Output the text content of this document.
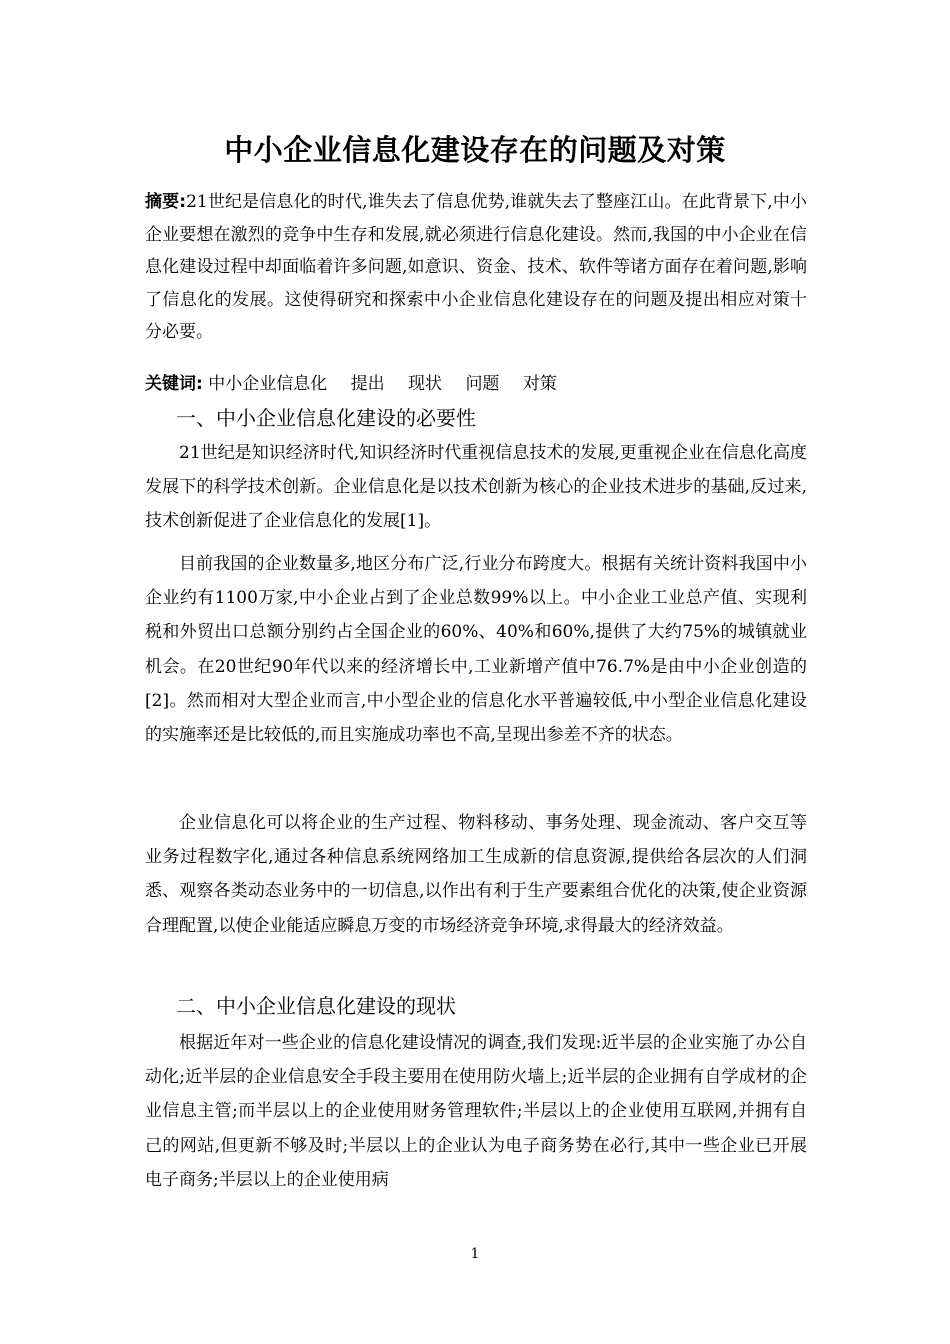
中小企业信息化建设存在的问题及对策
摘要:21世纪是信息化的时代,谁失去了信息优势,谁就失去了整座江山。在此背景下,中小企业要想在激烈的竞争中生存和发展,就必须进行信息化建设。然而,我国的中小企业在信息化建设过程中却面临着许多问题,如意识、资金、技术、软件等诸方面存在着问题,影响了信息化的发展。这使得研究和探索中小企业信息化建设存在的问题及提出相应对策十分必要。
关键词: 中小企业信息化 提出 现状 问题 对策
一、中小企业信息化建设的必要性
21世纪是知识经济时代,知识经济时代重视信息技术的发展,更重视企业在信息化高度发展下的科学技术创新。企业信息化是以技术创新为核心的企业技术进步的基础,反过来,技术创新促进了企业信息化的发展[1]。
目前我国的企业数量多,地区分布广泛,行业分布跨度大。根据有关统计资料我国中小企业约有1100万家,中小企业占到了企业总数99%以上。中小企业工业总产值、实现利税和外贸出口总额分别约占全国企业的60%、40%和60%,提供了大约75%的城镇就业机会。在20世纪90年代以来的经济增长中,工业新增产值中76.7%是由中小企业创造的[2]。然而相对大型企业而言,中小型企业的信息化水平普遍较低,中小型企业信息化建设的实施率还是比较低的,而且实施成功率也不高,呈现出参差不齐的状态。
企业信息化可以将企业的生产过程、物料移动、事务处理、现金流动、客户交互等业务过程数字化,通过各种信息系统网络加工生成新的信息资源,提供给各层次的人们洞悉、观察各类动态业务中的一切信息,以作出有利于生产要素组合优化的决策,使企业资源合理配置,以使企业能适应瞬息万变的市场经济竞争环境,求得最大的经济效益。
二、中小企业信息化建设的现状
根据近年对一些企业的信息化建设情况的调查,我们发现:近半层的企业实施了办公自动化;近半层的企业信息安全手段主要用在使用防火墙上;近半层的企业拥有自学成材的企业信息主管;而半层以上的企业使用财务管理软件;半层以上的企业使用互联网,并拥有自己的网站,但更新不够及时;半层以上的企业认为电子商务势在必行,其中一些企业已开展电子商务;半层以上的企业使用病
1
